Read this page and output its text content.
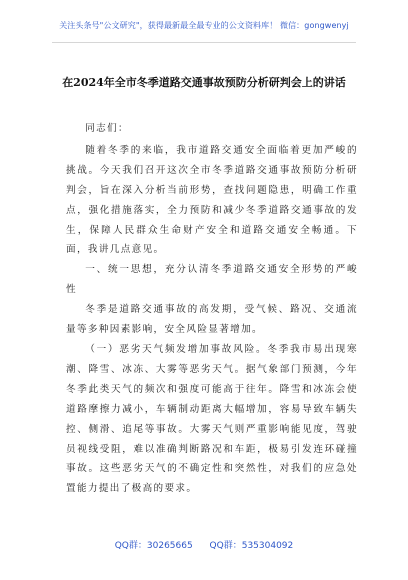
关注头条号"公文研究"，获得最新最全最专业的公文资料库！ 微信：gongwenyj
在2024年全市冬季道路交通事故预防分析研判会上的讲话

同志们：

随着冬季的来临，我市道路交通安全面临着更加严峻的挑战。今天我们召开这次全市冬季道路交通事故预防分析研判会，旨在深入分析当前形势，查找问题隐患，明确工作重点，强化措施落实，全力预防和减少冬季道路交通事故的发生，保障人民群众生命财产安全和道路交通安全畅通。下面，我讲几点意见。

一、统一思想，充分认清冬季道路交通安全形势的严峻性

冬季是道路交通事故的高发期，受气候、路况、交通流量等多种因素影响，安全风险显著增加。

（一）恶劣天气频发增加事故风险。冬季我市易出现寒潮、降雪、冰冻、大雾等恶劣天气。据气象部门预测，今年冬季此类天气的频次和强度可能高于往年。降雪和冰冻会使道路摩擦力减小，车辆制动距离大幅增加，容易导致车辆失控、侧滑、追尾等事故。大雾天气则严重影响能见度，驾驶员视线受阻，难以准确判断路况和车距，极易引发连环碰撞事故。这些恶劣天气的不确定性和突然性，对我们的应急处置能力提出了极高的要求。

QQ群：30265665 QQ群：535304092
